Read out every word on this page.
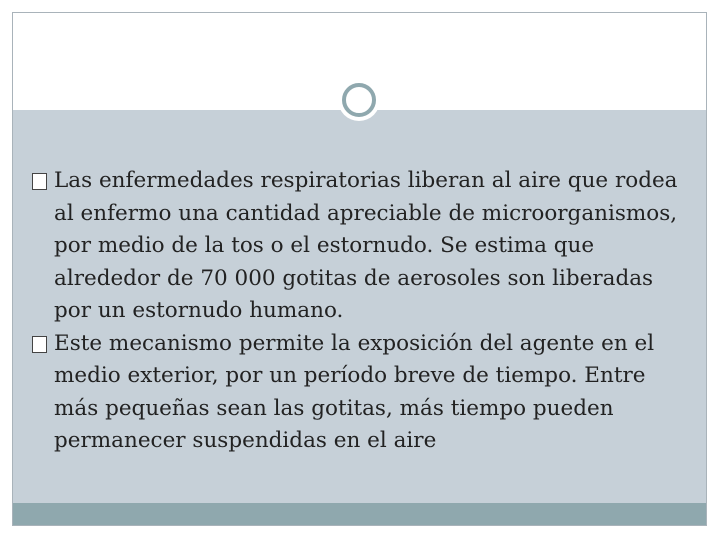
Las enfermedades respiratorias liberan al aire que rodea al enfermo una cantidad apreciable de microorganismos, por medio de la tos o el estornudo. Se estima que alrededor de 70 000 gotitas de aerosoles son liberadas por un estornudo humano.
Este mecanismo permite la exposición del agente en el medio exterior, por un período breve de tiempo. Entre más pequeñas sean las gotitas, más tiempo pueden permanecer suspendidas en el aire
